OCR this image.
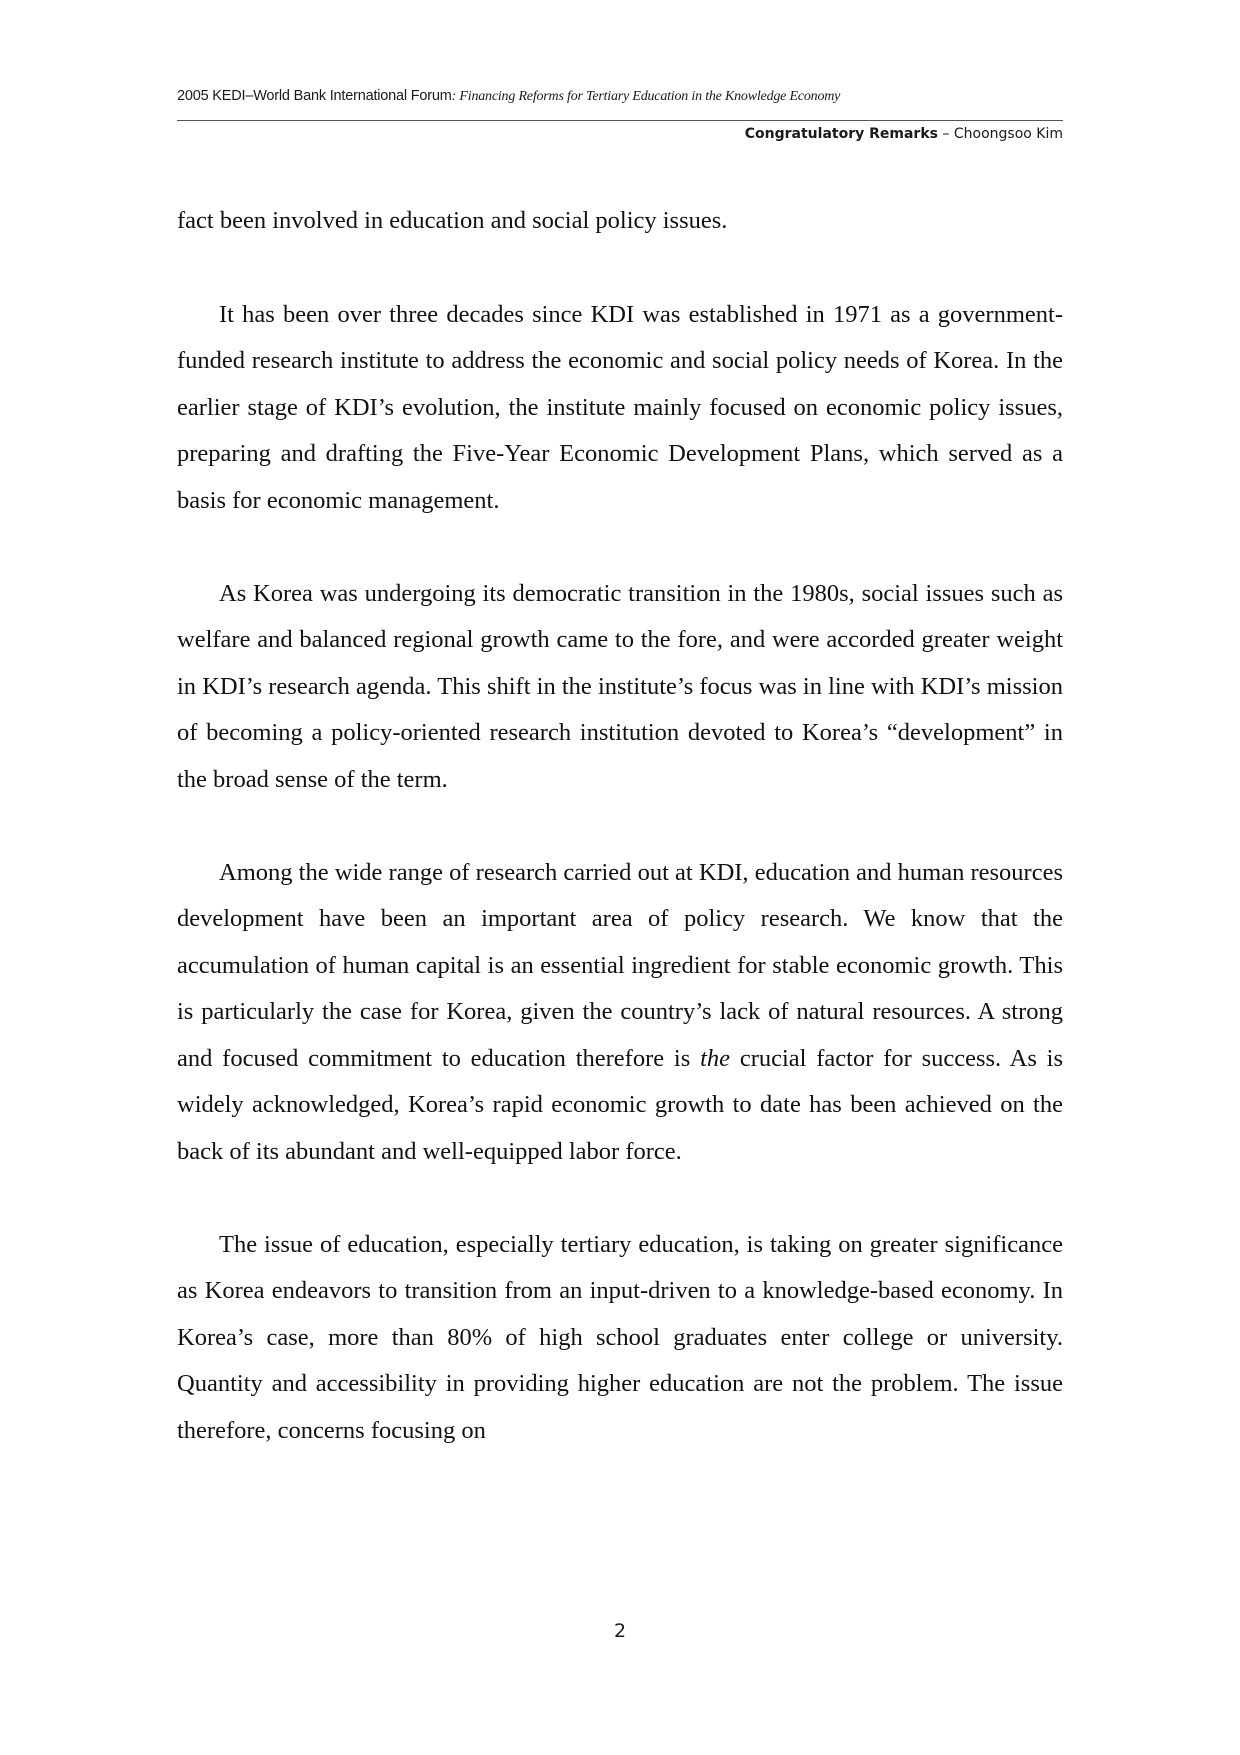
2005 KEDI–World Bank International Forum: Financing Reforms for Tertiary Education in the Knowledge Economy
Congratulatory Remarks – Choongsoo Kim

fact been involved in education and social policy issues.

It has been over three decades since KDI was established in 1971 as a government-funded research institute to address the economic and social policy needs of Korea. In the earlier stage of KDI’s evolution, the institute mainly focused on economic policy issues, preparing and drafting the Five-Year Economic Development Plans, which served as a basis for economic management.

As Korea was undergoing its democratic transition in the 1980s, social issues such as welfare and balanced regional growth came to the fore, and were accorded greater weight in KDI’s research agenda. This shift in the institute’s focus was in line with KDI’s mission of becoming a policy-oriented research institution devoted to Korea’s “development” in the broad sense of the term.

Among the wide range of research carried out at KDI, education and human resources development have been an important area of policy research. We know that the accumulation of human capital is an essential ingredient for stable economic growth. This is particularly the case for Korea, given the country’s lack of natural resources. A strong and focused commitment to education therefore is the crucial factor for success. As is widely acknowledged, Korea’s rapid economic growth to date has been achieved on the back of its abundant and well-equipped labor force.

The issue of education, especially tertiary education, is taking on greater significance as Korea endeavors to transition from an input-driven to a knowledge-based economy. In Korea’s case, more than 80% of high school graduates enter college or university. Quantity and accessibility in providing higher education are not the problem. The issue therefore, concerns focusing on

2
